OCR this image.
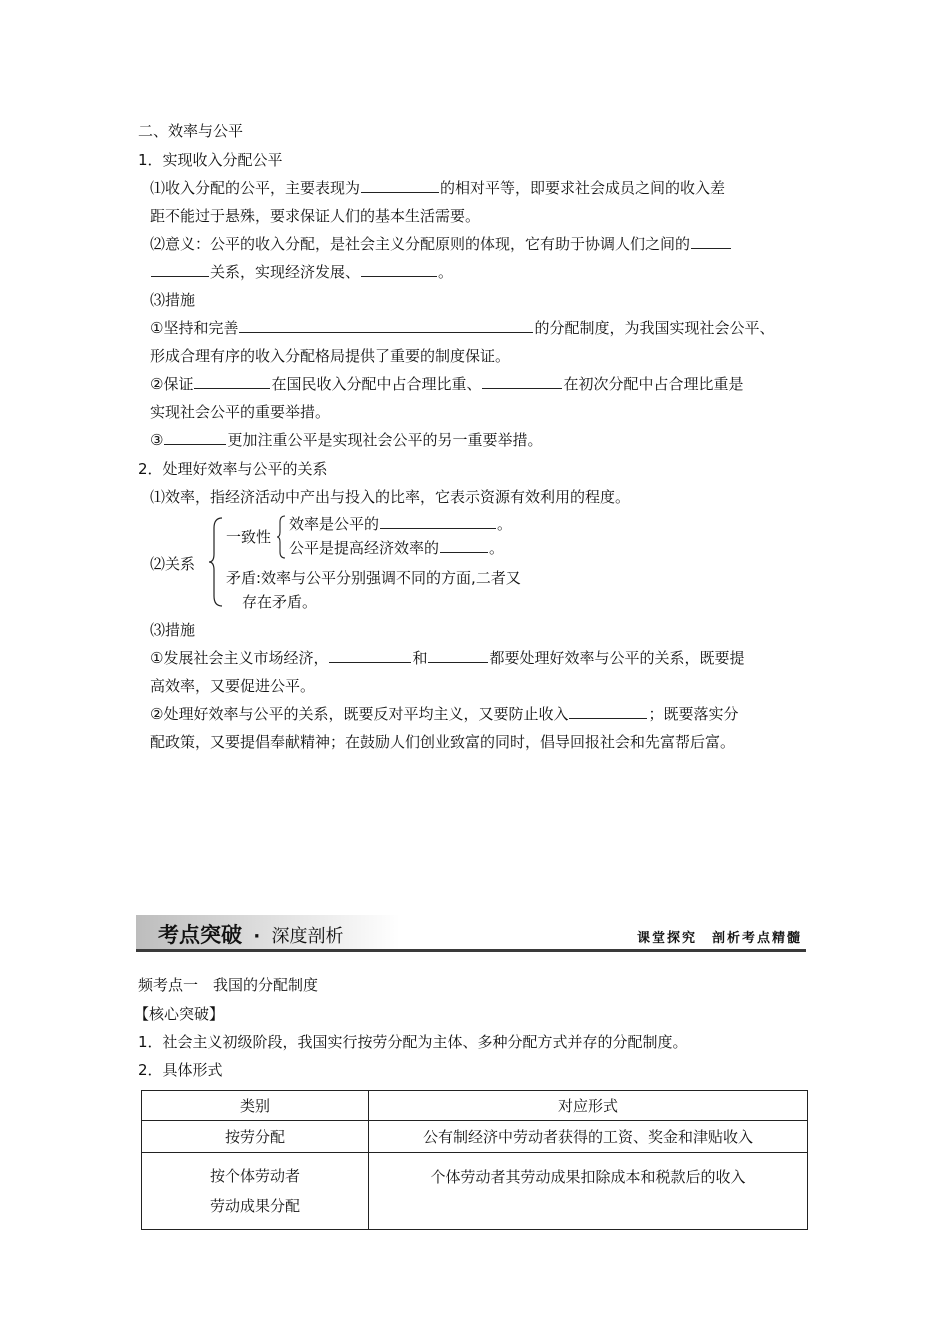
二、效率与公平
1．实现收入分配公平
⑴收入分配的公平，主要表现为	的相对平等，即要求社会成员之间的收入差
距不能过于悬殊，要求保证人们的基本生活需要。
⑵意义：公平的收入分配，是社会主义分配原则的体现，它有助于协调人们之间的
关系，实现经济发展、	。
⑶措施
①坚持和完善	的分配制度，为我国实现社会公平、
形成合理有序的收入分配格局提供了重要的制度保证。
②保证	在国民收入分配中占合理比重、	在初次分配中占合理比重是
实现社会公平的重要举措。
③	更加注重公平是实现社会公平的另一重要举措。
2．处理好效率与公平的关系
⑴效率，指经济活动中产出与投入的比率，它表示资源有效利用的程度。
⑵关系
一致性
效率是公平的	。
公平是提高经济效率的	。
矛盾:效率与公平分别强调不同的方面,二者又
存在矛盾。
⑶措施
①发展社会主义市场经济，	和	都要处理好效率与公平的关系，既要提
高效率，又要促进公平。
②处理好效率与公平的关系，既要反对平均主义，又要防止收入	；既要落实分
配政策，又要提倡奉献精神；在鼓励人们创业致富的同时，倡导回报社会和先富帮后富。
考点突破 · 深度剖析	课堂探究　剖析考点精髓
频考点一　我国的分配制度
【核心突破】
1．社会主义初级阶段，我国实行按劳分配为主体、多种分配方式并存的分配制度。
2．具体形式
类别	对应形式
按劳分配	公有制经济中劳动者获得的工资、奖金和津贴收入

按个体劳动者
劳动成果分配	个体劳动者其劳动成果扣除成本和税款后的收入
